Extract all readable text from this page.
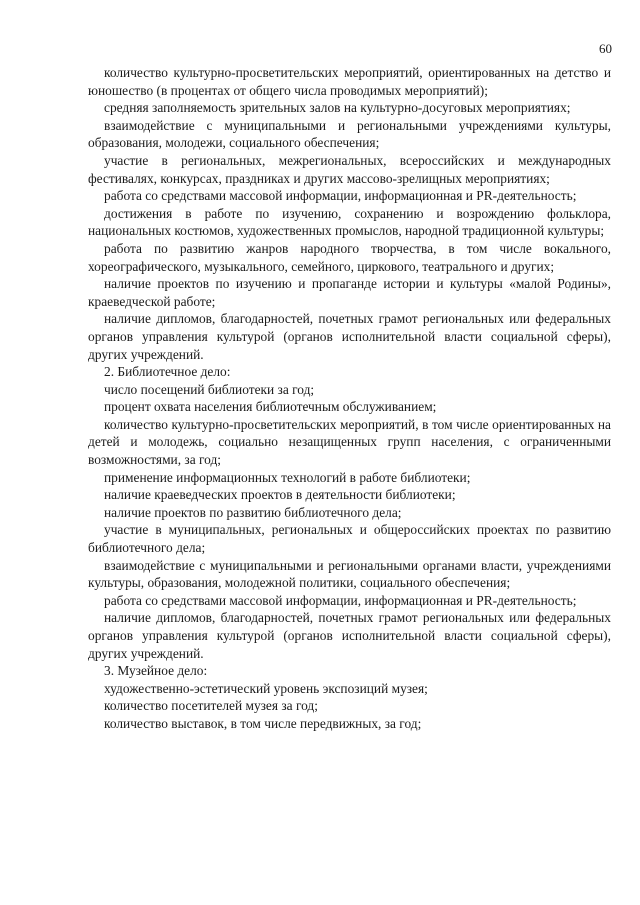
60

количество культурно-просветительских мероприятий, ориентированных на детство и юношество (в процентах от общего числа проводимых мероприятий);

средняя заполняемость зрительных залов на культурно-досуговых мероприятиях;

взаимодействие с муниципальными и региональными учреждениями культуры, образования, молодежи, социального обеспечения;

участие в региональных, межрегиональных, всероссийских и международных фестивалях, конкурсах, праздниках и других массово-зрелищных мероприятиях;

работа со средствами массовой информации, информационная и PR-деятельность;

достижения в работе по изучению, сохранению и возрождению фольклора, национальных костюмов, художественных промыслов, народной традиционной культуры;

работа по развитию жанров народного творчества, в том числе вокального, хореографического, музыкального, семейного, циркового, театрального и других;

наличие проектов по изучению и пропаганде истории и культуры «малой Родины», краеведческой работе;

наличие дипломов, благодарностей, почетных грамот региональных или федеральных органов управления культурой (органов исполнительной власти социальной сферы), других учреждений.

2. Библиотечное дело:

число посещений библиотеки за год;

процент охвата населения библиотечным обслуживанием;

количество культурно-просветительских мероприятий, в том числе ориентированных на детей и молодежь, социально незащищенных групп населения, с ограниченными возможностями, за год;

применение информационных технологий в работе библиотеки;

наличие краеведческих проектов в деятельности библиотеки;

наличие проектов по развитию библиотечного дела;

участие в муниципальных, региональных и общероссийских проектах по развитию библиотечного дела;

взаимодействие с муниципальными и региональными органами власти, учреждениями культуры, образования, молодежной политики, социального обеспечения;

работа со средствами массовой информации, информационная и PR-деятельность;

наличие дипломов, благодарностей, почетных грамот региональных или федеральных органов управления культурой (органов исполнительной власти социальной сферы), других учреждений.

3. Музейное дело:

художественно-эстетический уровень экспозиций музея;

количество посетителей музея за год;

количество выставок, в том числе передвижных, за год;
